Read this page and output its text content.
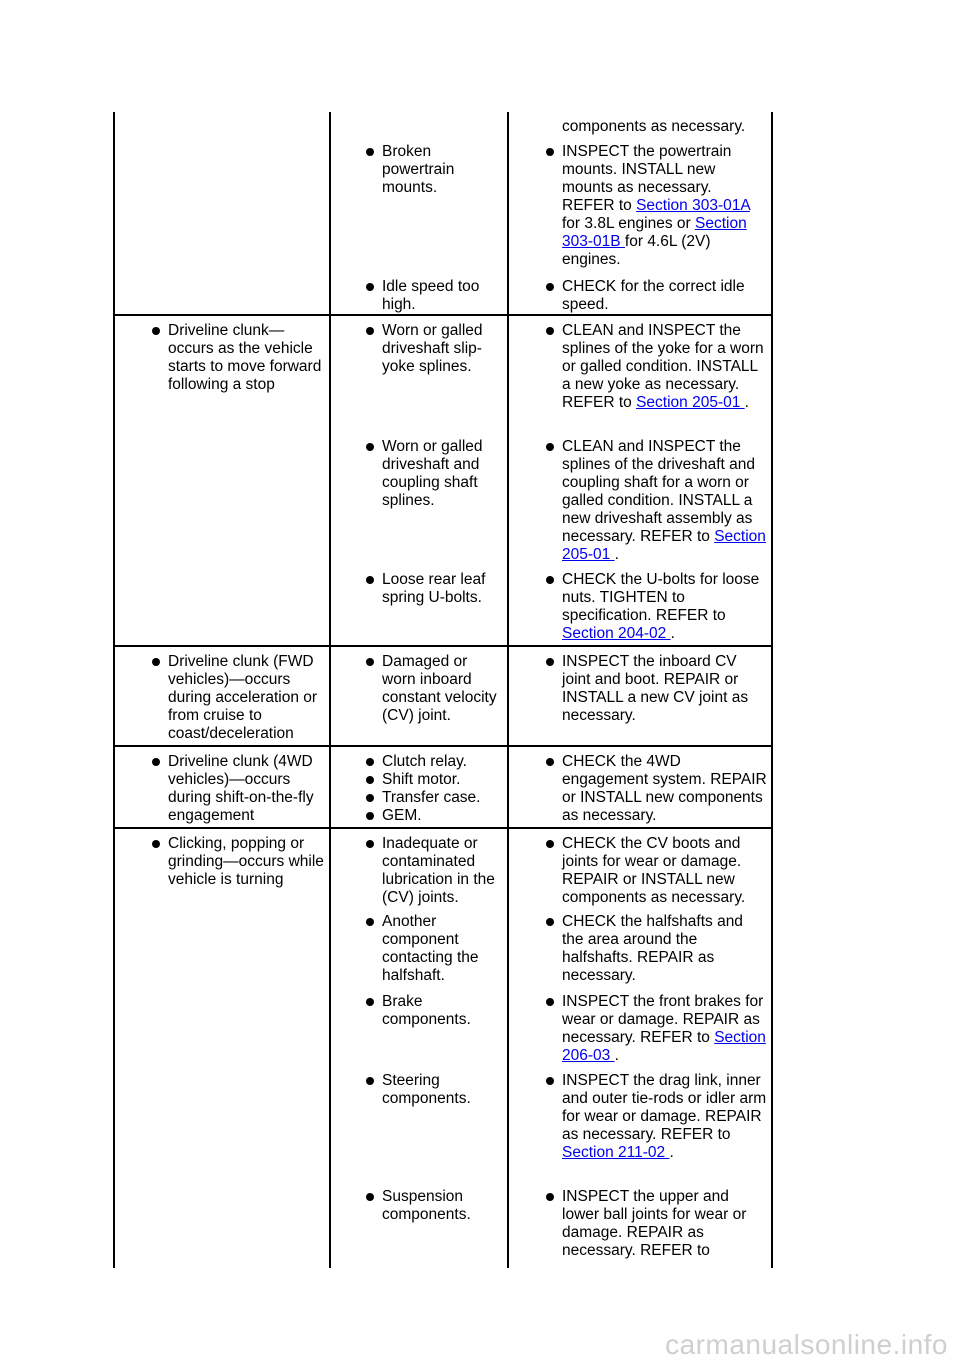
components as necessary.
Broken powertrain mounts.
Idle speed too high.
INSPECT the powertrain mounts. INSTALL new mounts as necessary. REFER to Section 303-01A for 3.8L engines or Section 303-01B for 4.6L (2V) engines.
CHECK for the correct idle speed.
Driveline clunk—occurs as the vehicle starts to move forward following a stop
Worn or galled driveshaft slip-yoke splines.
Worn or galled driveshaft and coupling shaft splines.
Loose rear leaf spring U-bolts.
CLEAN and INSPECT the splines of the yoke for a worn or galled condition. INSTALL a new yoke as necessary. REFER to Section 205-01 .
CLEAN and INSPECT the splines of the driveshaft and coupling shaft for a worn or galled condition. INSTALL a new driveshaft assembly as necessary. REFER to Section 205-01 .
CHECK the U-bolts for loose nuts. TIGHTEN to specification. REFER to Section 204-02 .
Driveline clunk (FWD vehicles)—occurs during acceleration or from cruise to coast/deceleration
Damaged or worn inboard constant velocity (CV) joint.
INSPECT the inboard CV joint and boot. REPAIR or INSTALL a new CV joint as necessary.
Driveline clunk (4WD vehicles)—occurs during shift-on-the-fly engagement
Clutch relay.
Shift motor.
Transfer case.
GEM.
CHECK the 4WD engagement system. REPAIR or INSTALL new components as necessary.
Clicking, popping or grinding—occurs while vehicle is turning
Inadequate or contaminated lubrication in the (CV) joints.
Another component contacting the halfshaft.
Brake components.
Steering components.
Suspension components.
CHECK the CV boots and joints for wear or damage. REPAIR or INSTALL new components as necessary.
CHECK the halfshafts and the area around the halfshafts. REPAIR as necessary.
INSPECT the front brakes for wear or damage. REPAIR as necessary. REFER to Section 206-03 .
INSPECT the drag link, inner and outer tie-rods or idler arm for wear or damage. REPAIR as necessary. REFER to Section 211-02 .
INSPECT the upper and lower ball joints for wear or damage. REPAIR as necessary. REFER to
carmanualsonline.info
